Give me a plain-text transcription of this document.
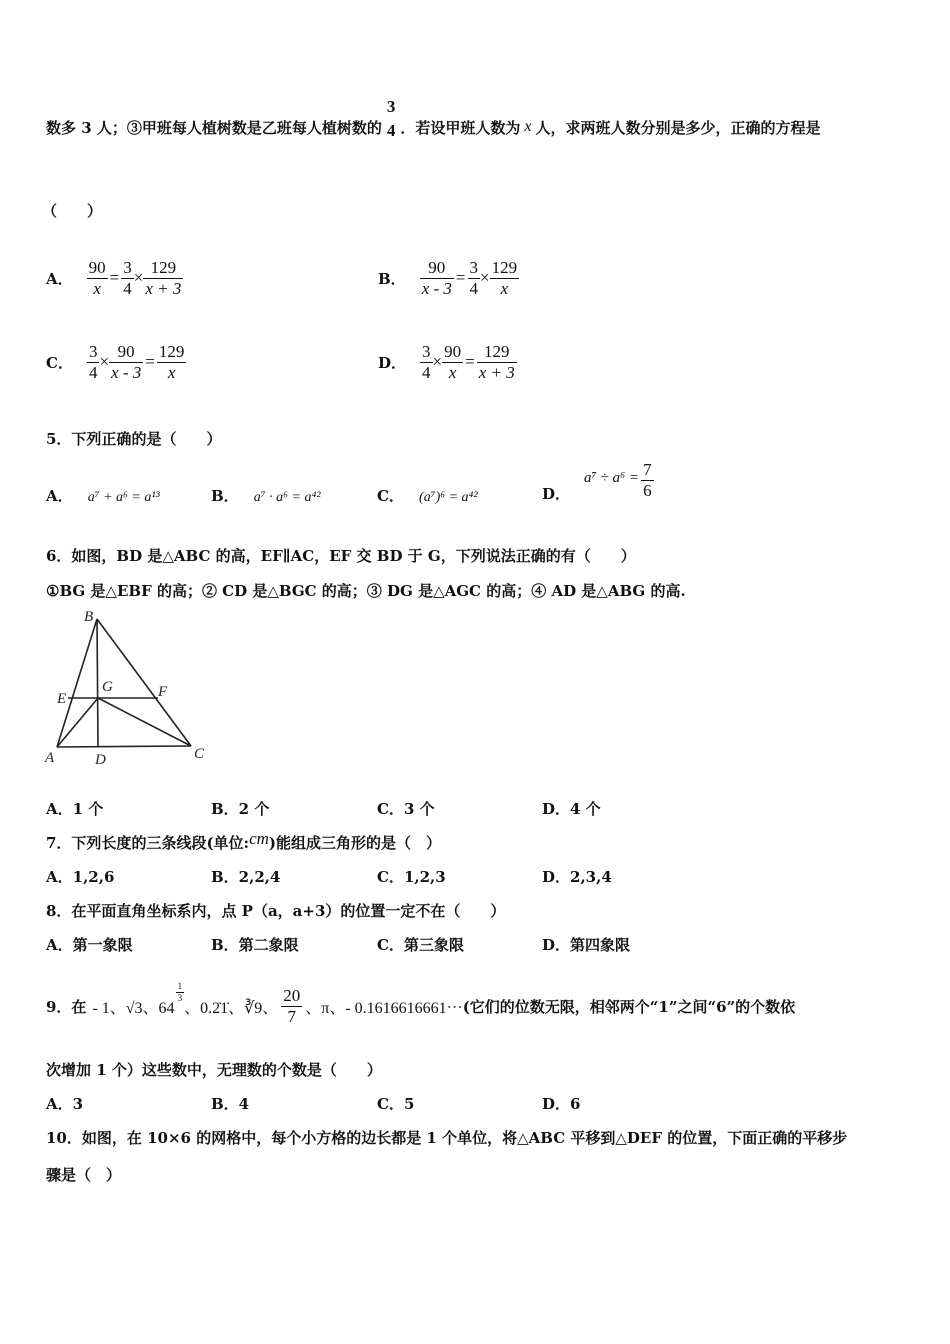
数多 3 人；③甲班每人植树数是乙班每人植树数的
3
4 ．若设甲班人数为 x 人，求两班人数分别是多少，正确的方程是
（　　）
A． $\frac{90}{x} = \frac{3}{4} \times \frac{129}{x + 3}$	B． $\frac{90}{x - 3} = \frac{3}{4} \times \frac{129}{x}$
C． $\frac{3}{4} \times \frac{90}{x - 3} = \frac{129}{x}$	D． $\frac{3}{4} \times \frac{90}{x} = \frac{129}{x + 3}$
5．下列正确的是（　　）
A． a⁷ + a⁶ = a¹³	B． a⁷ · a⁶ = a⁴²	C． (a⁷)⁶ = a⁴²	D．
$a^7 \div a^6 = \frac{7}{6}$
6．如图，BD 是△ABC 的高，EF∥AC，EF 交 BD 于 G，下列说法正确的有（　　）
①BG 是△EBF 的高；② CD 是△BGC 的高；③ DG 是△AGC 的高；④ AD 是△ABG 的高.
B
E
G	F
A	D	C
A．1 个	B．2 个	C．3 个	D．4 个
7．下列长度的三条线段(单位:cm)能组成三角形的是（　）
A．1,2,6	B．2,2,4	C．1,2,3	D．2,3,4
8．在平面直角坐标系内，点 P（a，a+3）的位置一定不在（　　）
A．第一象限	B．第二象限	C．第三象限	D．第四象限
9．在 - 1、√3、64
$\frac{1}{3}$
、0.2̇1̇、∛9、 $\frac{20}{7}$ 、π、- 0.1616616661⋯ (它们的位数无限，相邻两个“1”之间“6”的个数依
次增加 1 个）这些数中，无理数的个数是（　　）
A．3	B．4	C．5	D．6
10．如图，在 10×6 的网格中，每个小方格的边长都是 1 个单位，将△ABC 平移到△DEF 的位置，下面正确的平移步
骤是（　）
